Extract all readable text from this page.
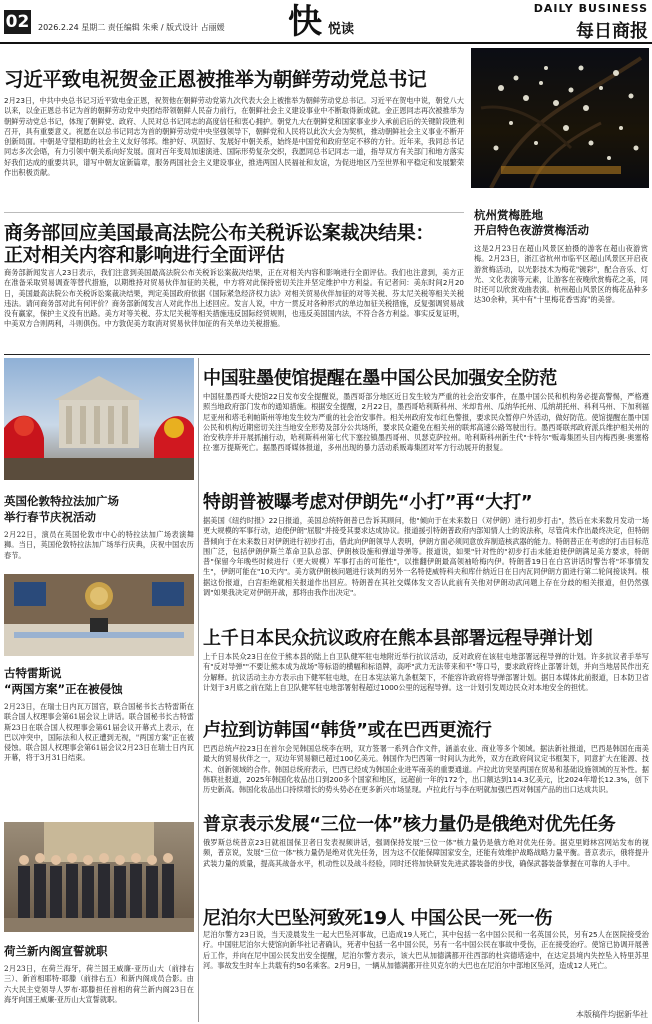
02 2026.2.24 星期二 责任编辑 朱乘 / 版式设计 占丽媛 快 悦读
DAILY BUSINESS
每日商报
习近平致电祝贺金正恩被推举为朝鲜劳动党总书记
2月23日，中共中央总书记习近平致电金正恩，祝贺他在朝鲜劳动党第九次代表大会上被推举为朝鲜劳动党总书记。习近平在贺电中说，朝党八大以来，以金正恩总书记为首的朝鲜劳动党中央团结带领朝鲜人民奋力前行，在朝鲜社会主义建设事业中不断取得新成就。金正恩同志再次被推举为朝鲜劳动党总书记，体现了朝鲜党、政府、人民对总书记同志的高度信任和衷心拥护。朝党九大在朝鲜党和国家事业步入承前启后的关键阶段胜利召开，具有重要意义。祝愿在以总书记同志为首的朝鲜劳动党中央坚强领导下，朝鲜党和人民将以此次大会为契机，推动朝鲜社会主义事业不断开创新局面。中朝是守望相助的社会主义友好邻邦。维护好、巩固好、发展好中朝关系，始终是中国党和政府坚定不移的方针。近年来，我同总书记同志多次会晤，有力引领中朝关系向好发展。面对百年变局加速演进、国际形势复杂交织，我愿同总书记同志一道，指导双方有关部门和地方落实好我们达成的重要共识，谱写中朝友谊新篇章，服务两国社会主义建设事业，推进两国人民福祉和友谊，为促进地区乃至世界和平稳定和发展繁荣作出积极贡献。
商务部回应美国最高法院公布关税诉讼案裁决结果：
正对相关内容和影响进行全面评估
商务部新闻发言人23日表示，我们注意到美国最高法院公布关税诉讼案裁决结果，正在对相关内容和影响进行全面评估。我们也注意到，美方正在准备采取贸易调查等替代措施，以期维持对贸易伙伴加征的关税，中方将对此保持密切关注并坚定维护中方利益。有记者问：美东时间2月20日，美国最高法院公布关税诉讼案裁决结果，判定美国政府依据《国际紧急经济权力法》对相关贸易伙伴加征的对等关税、芬太尼关税等相关关税违法。请问商务部对此有何评价？商务部新闻发言人对此作出上述回应。发言人说，中方一贯反对各种形式的单边加征关税措施，反复强调贸易战没有赢家，保护主义没有出路。美方对等关税、芬太尼关税等相关措施违反国际经贸规则，也违反美国国内法，不符合各方利益。事实反复证明，中美双方合则两利，斗则俱伤。中方敦促美方取消对贸易伙伴加征的有关单边关税措施。
杭州赏梅胜地
开启特色夜游赏梅活动
这是2月23日在超山风景区拍摄的游客在超山夜游赏梅。2月23日，浙江省杭州市临平区超山风景区开启夜游赏梅活动，以光影技术为梅花"镀彩"，配合音乐、灯光、文化表演等元素，让游客在夜晚欣赏梅花之美，同时还可以欣赏戏曲表演。杭州超山风景区的梅花品种多达30余种，其中有"十里梅花香雪海"的美誉。
英国伦敦特拉法加广场
举行春节庆祝活动
2月22日，演员在英国伦敦市中心的特拉法加广场表演舞狮。当日，英国伦敦特拉法加广场举行庆典，庆祝中国农历春节。
古特雷斯说
“两国方案”正在被侵蚀
2月23日，在瑞士日内瓦万国宫，联合国秘书长古特雷斯在联合国人权理事会第61届会议上讲话。联合国秘书长古特雷斯23日在联合国人权理事会第61届会议开幕式上表示，在巴以冲突中，国际法和人权正遭到无视，"两国方案"正在被侵蚀。联合国人权理事会第61届会议2月23日在瑞士日内瓦开幕，将于3月31日结束。
荷兰新内阁宣誓就职
2月23日，在荷兰海牙，荷兰国王威廉-亚历山大（前排右三）、新首相耶特·耶滕（前排右五）和新内阁成员合影。由六大民主党领导人罗布·耶滕担任首相的荷兰新内阁23日在海牙向国王威廉-亚历山大宣誓就职。
中国驻墨使馆提醒在墨中国公民加强安全防范
中国驻墨西哥大使馆22日发布安全提醒说，墨西哥部分地区近日发生较为严重的社会治安事件，在墨中国公民和机构务必提高警惕，严格遵照当地政府部门发布的通知措施。根据安全提醒，2月22日，墨西哥哈利斯科州、米却肯州、瓜纳华托州、瓜纳胡托州、科利马州、下加利福尼亚州和塔毛利帕斯州等地发生较为严重的社会治安事件。相关州政府发布红色警报，要求民众暂停户外活动，做好防范。使馆提醒在墨中国公民和机构近期密切关注当地安全形势及部分公共场所，要求民众避免在相关州的联邦高速公路驾驶出行。墨西哥联邦政府派兵维护相关州的治安秩序并开展抓捕行动，哈利斯科州第七代下塞拉镇墨西哥州、贝瑟克萨拉州。哈利斯科州新生代"卡特尔"贩毒集团头目内梅西奥·奥塞格拉·塞万提斯死亡。据墨西哥媒体报道，多州出现的暴力活动系贩毒集团对军方行动展开的报复。
特朗普被曝考虑对伊朗先“小打”再“大打”
据美国《纽约时报》22日报道，美国总统特朗普已告诉其顾问，他"倾向于在未来数日（对伊朗）进行初步打击"，然后在未来数月发动一场更大规模的军事行动，迫使伊朗"屈服"并接受其要求达成协议。报道援引特朗普政府内部知情人士的说法称，尽管尚未作出最终决定，但特朗普倾向于在未来数日对伊朗进行初步打击，借此向伊朗领导人表明，伊朗方面必须同意放弃制造核武器的能力。特朗普正在考虑的打击目标范围广泛，包括伊朗伊斯兰革命卫队总部、伊朗核设施和弹道导弹等。报道说，如果"针对性的"初步打击未能迫使伊朗满足美方要求，特朗普"保留今年晚些时候进行（更大规模）军事打击的可能性"，以推翻伊朗最高领袖哈梅内伊。特朗普19日在白宫讲话时警告将"坏事情发生"，伊朗可能在"10天内"。美方就伊朗核问题进行谈判的另外一名特使威特科夫和库什纳近日在日内瓦同伊朗方面进行第二轮间接谈判。根据这份报道，白宫拒绝就相关报道作出回应。特朗普在其社交媒体发文否认此前有关他对伊朗动武问题上存在分歧的相关报道，但仍然强调"如果我决定对伊朗开战，那将由我作出决定"。
上千日本民众抗议政府在熊本县部署远程导弹计划
上千日本民众23日在位于熊本县的陆上自卫队健军驻屯地附近举行抗议活动，反对政府在该驻屯地部署远程导弹的计划。许多抗议者手举写有"反对导弹""不要让熊本成为战场"等标语的横幅和标语牌，高呼"武力无法带来和平"等口号，要求政府终止部署计划，并向当地居民作出充分解释。抗议活动主办方表示由下健军驻屯地，在日本宪法第九条框架下，不能容许政府将导弹部署计划。据日本媒体此前报道，日本防卫省计划于3月底之前在陆上自卫队健军驻屯地部署射程超过1000公里的远程导弹。这一计划引发周边民众对本地安全的担忧。
卢拉到访韩国“韩货”或在巴西更流行
巴西总统卢拉23日在首尔会见韩国总统李在明，双方签署一系列合作文件，涵盖农业、商业等多个领域。据法新社报道，巴西是韩国在南美最大的贸易伙伴之一，双边年贸易额已超过100亿美元。韩国作为巴西第一时间认为此外，双方在政府间议定书框架下，同意扩大在能源、技术、创新领域的合作。韩国总统府表示，巴西已经成为韩国企业进军南美的重要通道。卢拉此访突显两国在贸易和基础设施领域的互补性。据韩联社报道，2025年韩国化妆品出口到200多个国家和地区，远超前一年的172个，出口额达到114.3亿美元，比2024年增长12.3%，创下历史新高。韩国化妆品出口持续增长的势头势必在更多新兴市场显现。卢拉此行与李在明就加强巴西对韩国产品的出口达成共识。
普京表示发展“三位一体”核力量仍是俄绝对优先任务
俄罗斯总统普京23日就祖国保卫者日发表视频讲话，强调保持发展"三位一体"核力量仍是俄方绝对优先任务。据克里姆林宫网站发布的视频，普京说，发展"三位一体"核力量仍是绝对优先任务，因为这不仅能保障国家安全，还能有效维护战略战略力量平衡。普京表示，俄将提升武装力量的质量，提高其战备水平，机动性以及战斗经验，同时还将加快研发先进武器装备的步伐，确保武器装备掌握在可靠的人手中。
尼泊尔大巴坠河致死19人 中国公民一死一伤
尼泊尔警方23日说，当天凌晨发生一起大巴坠河事故，已造成19人死亡，其中包括一名中国公民和一名英国公民，另有25人在医院接受治疗。中国驻尼泊尔大使馆向新华社记者确认，死者中包括一名中国公民，另有一名中国公民在事故中受伤，正在接受治疗。使馆已协调开展善后工作，并向在尼中国公民发出安全提醒，尼泊尔警方表示，该大巴从加德满都开往西部的杜宾德塔途中，在达定县境内失控坠入特里苏里河。事故发生时车上共载有约50名乘客。2月9日，一辆从加德满都开往贝克尔的大巴也在尼泊尔中部地区坠河，造成12人死亡。
本版稿件均据新华社
